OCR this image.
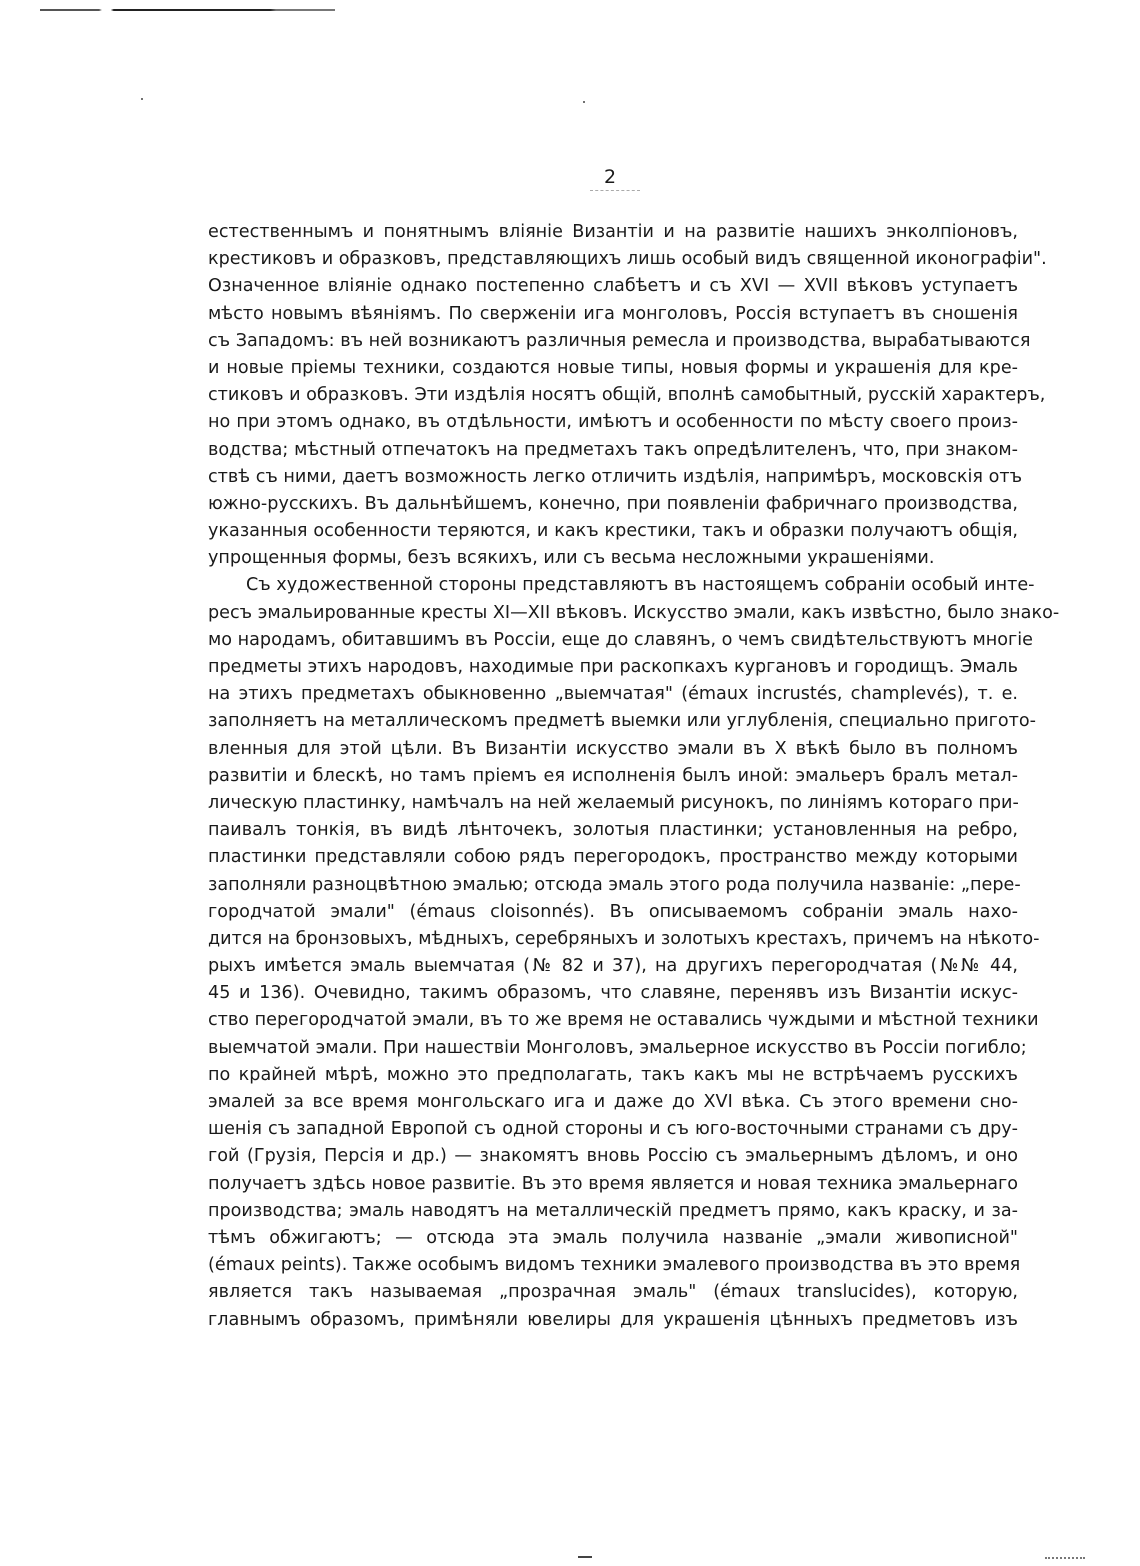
2
естественнымъ и понятнымъ вліяніе Византіи и на развитіе нашихъ энколпіоновъ,
крестиковъ и образковъ, представляющихъ лишь особый видъ священной иконографіи".
Означенное вліяніе однако постепенно слабѣетъ и съ XVI — XVII вѣковъ уступаетъ
мѣсто новымъ вѣяніямъ. По сверженіи ига монголовъ, Россія вступаетъ въ сношенія
съ Западомъ: въ ней возникаютъ различныя ремесла и производства, вырабатываются
и новые пріемы техники, создаются новые типы, новыя формы и украшенія для кре-
стиковъ и образковъ. Эти издѣлія носятъ общій, вполнѣ самобытный, русскій характеръ,
но при этомъ однако, въ отдѣльности, имѣютъ и особенности по мѣсту своего произ-
водства; мѣстный отпечатокъ на предметахъ такъ опредѣлителенъ, что, при знаком-
ствѣ съ ними, даетъ возможность легко отличить издѣлія, напримѣръ, московскія отъ
южно-русскихъ. Въ дальнѣйшемъ, конечно, при появленіи фабричнаго производства,
указанныя особенности теряются, и какъ крестики, такъ и образки получаютъ общія,
упрощенныя формы, безъ всякихъ, или съ весьма несложными украшеніями.
Съ художественной стороны представляютъ въ настоящемъ собраніи особый инте-
ресъ эмальированные кресты XI—XII вѣковъ. Искусство эмали, какъ извѣстно, было знако-
мо народамъ, обитавшимъ въ Россіи, еще до славянъ, о чемъ свидѣтельствуютъ многіе
предметы этихъ народовъ, находимые при раскопкахъ кургановъ и городищъ. Эмаль
на этихъ предметахъ обыкновенно „выемчатая" (émaux incrustés, champlevés), т. е.
заполняетъ на металлическомъ предметѣ выемки или углубленія, специально пригото-
вленныя для этой цѣли. Въ Византіи искусство эмали въ X вѣкѣ было въ полномъ
развитіи и блескѣ, но тамъ пріемъ ея исполненія былъ иной: эмальеръ бралъ метал-
лическую пластинку, намѣчалъ на ней желаемый рисунокъ, по линіямъ котораго при-
паивалъ тонкія, въ видѣ лѣнточекъ, золотыя пластинки; установленныя на ребро,
пластинки представляли собою рядъ перегородокъ, пространство между которыми
заполняли разноцвѣтною эмалью; отсюда эмаль этого рода получила названіе: „пере-
городчатой эмали" (émaus cloisonnés). Въ описываемомъ собраніи эмаль нахо-
дится на бронзовыхъ, мѣдныхъ, серебряныхъ и золотыхъ крестахъ, причемъ на нѣкото-
рыхъ имѣется эмаль выемчатая (№ 82 и 37), на другихъ перегородчатая (№№ 44,
45 и 136). Очевидно, такимъ образомъ, что славяне, перенявъ изъ Византіи искус-
ство перегородчатой эмали, въ то же время не оставались чуждыми и мѣстной техники
выемчатой эмали. При нашествіи Монголовъ, эмальерное искусство въ Россіи погибло;
по крайней мѣрѣ, можно это предполагать, такъ какъ мы не встрѣчаемъ русскихъ
эмалей за все время монгольскаго ига и даже до XVI вѣка. Съ этого времени сно-
шенія съ западной Европой съ одной стороны и съ юго-восточными странами съ дру-
гой (Грузія, Персія и др.) — знакомятъ вновь Россію съ эмальернымъ дѣломъ, и оно
получаетъ здѣсь новое развитіе. Въ это время является и новая техника эмальернаго
производства; эмаль наводятъ на металлическій предметъ прямо, какъ краску, и за-
тѣмъ обжигаютъ; — отсюда эта эмаль получила названіе „эмали живописной"
(émaux peints). Также особымъ видомъ техники эмалевого производства въ это время
является такъ называемая „прозрачная эмаль" (émaux translucides), которую,
главнымъ образомъ, примѣняли ювелиры для украшенія цѣнныхъ предметовъ изъ
